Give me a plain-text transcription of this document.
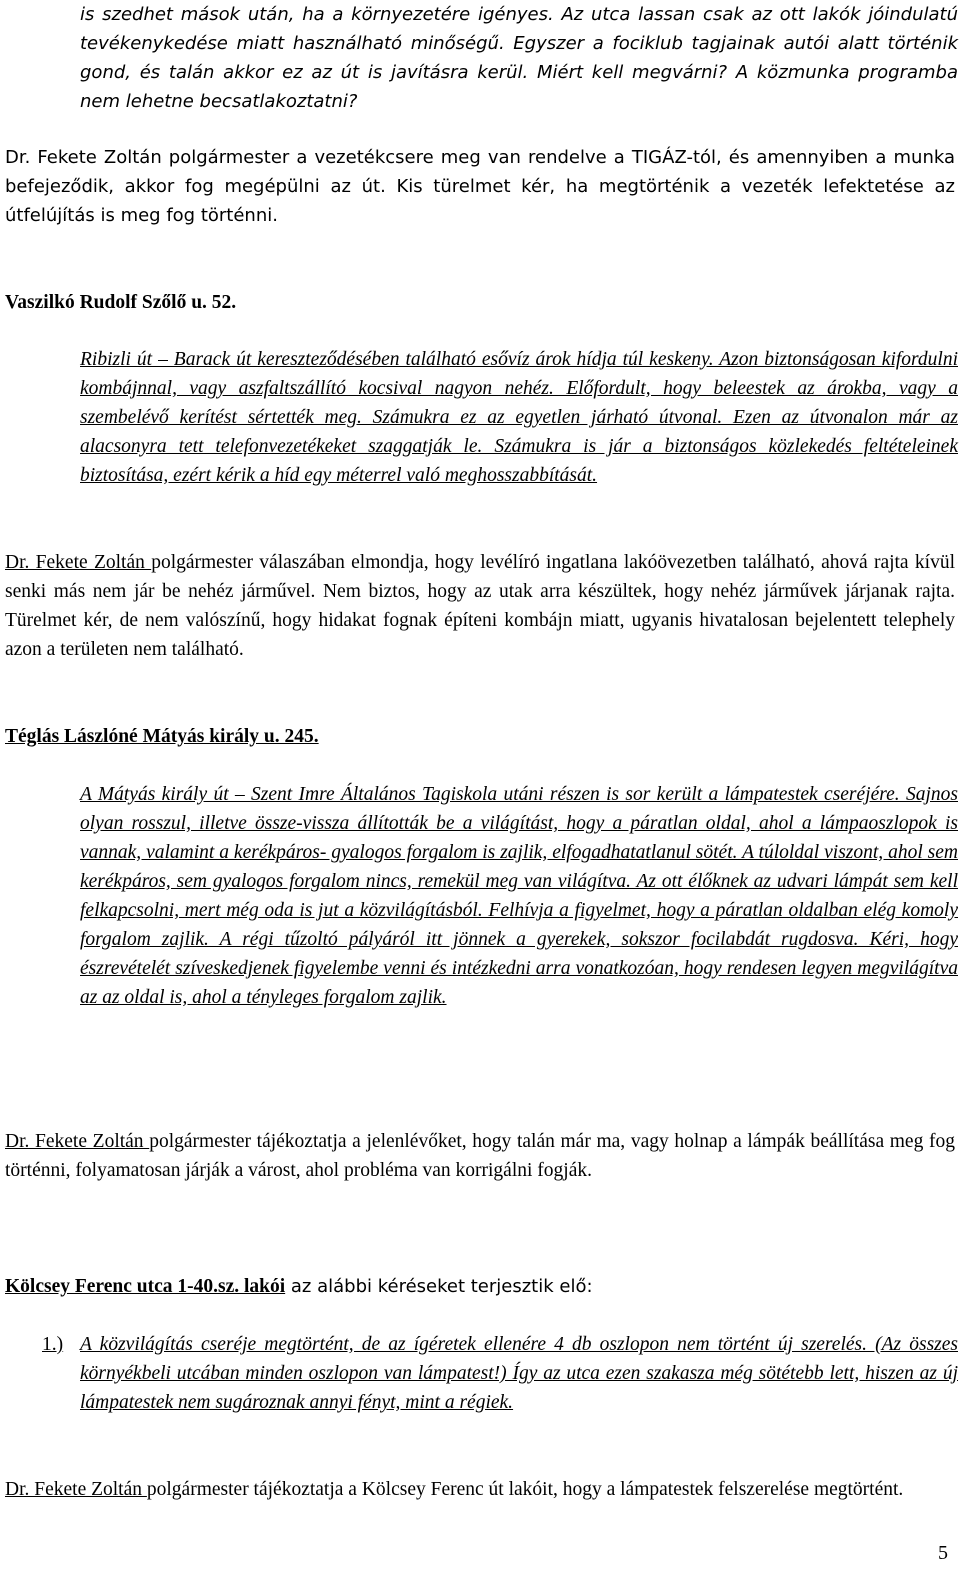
is szedhet mások után, ha a környezetére igényes. Az utca lassan csak az ott lakók jóindulatú tevékenykedése miatt használható minőségű. Egyszer a fociklub tagjainak autói alatt történik gond, és talán akkor ez az út is javításra kerül. Miért kell megvárni? A közmunka programba nem lehetne becsatlakoztatni?

Dr. Fekete Zoltán polgármester a vezetékcsere meg van rendelve a TIGÁZ-tól, és amennyiben a munka befejeződik, akkor fog megépülni az út. Kis türelmet kér, ha megtörténik a vezeték lefektetése az útfelújítás is meg fog történni.

Vaszilkó Rudolf Szőlő u. 52.

Ribizli út – Barack út kereszteződésében található esővíz árok hídja túl keskeny. Azon biztonságosan kifordulni kombájnnal, vagy aszfaltszállító kocsival nagyon nehéz. Előfordult, hogy beleestek az árokba, vagy a szembelévő kerítést sértették meg. Számukra ez az egyetlen járható útvonal. Ezen az útvonalon már az alacsonyra tett telefonvezetékeket szaggatják le. Számukra is jár a biztonságos közlekedés feltételeinek biztosítása, ezért kérik a híd egy méterrel való meghosszabbítását.

Dr. Fekete Zoltán polgármester válaszában elmondja, hogy levélíró ingatlana lakóövezetben található, ahová rajta kívül senki más nem jár be nehéz járművel. Nem biztos, hogy az utak arra készültek, hogy nehéz járművek járjanak rajta. Türelmet kér, de nem valószínű, hogy hidakat fognak építeni kombájn miatt, ugyanis hivatalosan bejelentett telephely azon a területen nem található.

Téglás Lászlóné Mátyás király u. 245.

A Mátyás király út – Szent Imre Általános Tagiskola utáni részen is sor került a lámpatestek cseréjére. Sajnos olyan rosszul, illetve össze-vissza állították be a világítást, hogy a páratlan oldal, ahol a lámpaoszlopok is vannak, valamint a kerékpáros- gyalogos forgalom is zajlik, elfogadhatatlanul sötét. A túloldal viszont, ahol sem kerékpáros, sem gyalogos forgalom nincs, remekül meg van világítva. Az ott élőknek az udvari lámpát sem kell felkapcsolni, mert még oda is jut a közvilágításból. Felhívja a figyelmet, hogy a páratlan oldalban elég komoly forgalom zajlik. A régi tűzoltó pályáról itt jönnek a gyerekek, sokszor focilabdát rugdosva. Kéri, hogy észrevételét szíveskedjenek figyelembe venni és intézkedni arra vonatkozóan, hogy rendesen legyen megvilágítva az az oldal is, ahol a tényleges forgalom zajlik.

Dr. Fekete Zoltán polgármester tájékoztatja a jelenlévőket, hogy talán már ma, vagy holnap a lámpák beállítása meg fog történni, folyamatosan járják a várost, ahol probléma van korrigálni fogják.

Kölcsey Ferenc utca 1-40.sz. lakói az alábbi kéréseket terjesztik elő:

1.) A közvilágítás cseréje megtörtént, de az ígéretek ellenére 4 db oszlopon nem történt új szerelés. (Az összes környékbeli utcában minden oszlopon van lámpatest!) Így az utca ezen szakasza még sötétebb lett, hiszen az új lámpatestek nem sugároznak annyi fényt, mint a régiek.

Dr. Fekete Zoltán polgármester tájékoztatja a Kölcsey Ferenc út lakóit, hogy a lámpatestek felszerelése megtörtént.

5
